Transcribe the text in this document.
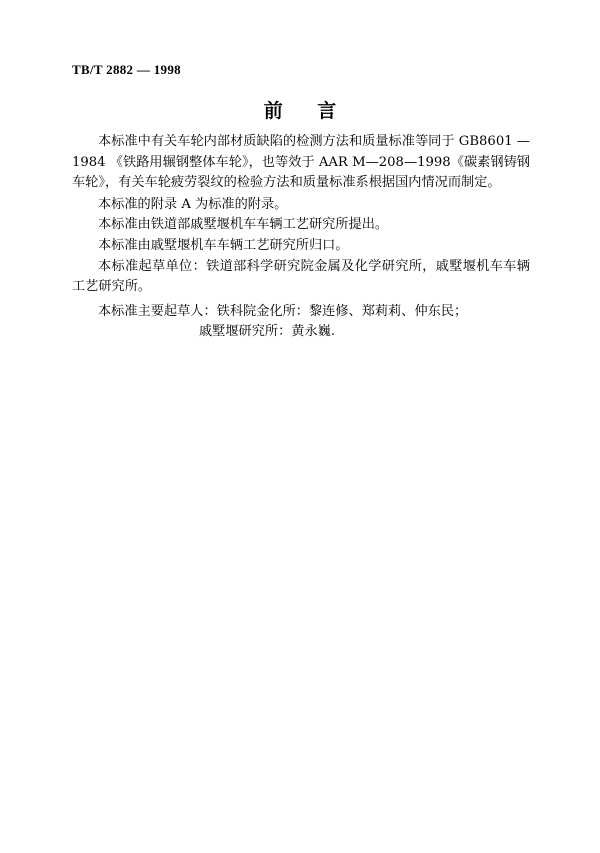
TB/T 2882 — 1998
前 言

本标准中有关车轮内部材质缺陷的检测方法和质量标准等同于 GB8601 — 1984 《铁路用辗钢整体车轮》，也等效于 AAR M—208—1998《碳素钢铸钢车轮》，有关车轮疲劳裂纹的检验方法和质量标准系根据国内情况而制定。

本标准的附录 A 为标准的附录。

本标准由铁道部戚墅堰机车车辆工艺研究所提出。

本标准由戚墅堰机车车辆工艺研究所归口。

本标准起草单位：铁道部科学研究院金属及化学研究所，戚墅堰机车车辆工艺研究所。

本标准主要起草人：铁科院金化所：黎连修、郑莉莉、仲东民；

戚墅堰研究所：黄永巍.
